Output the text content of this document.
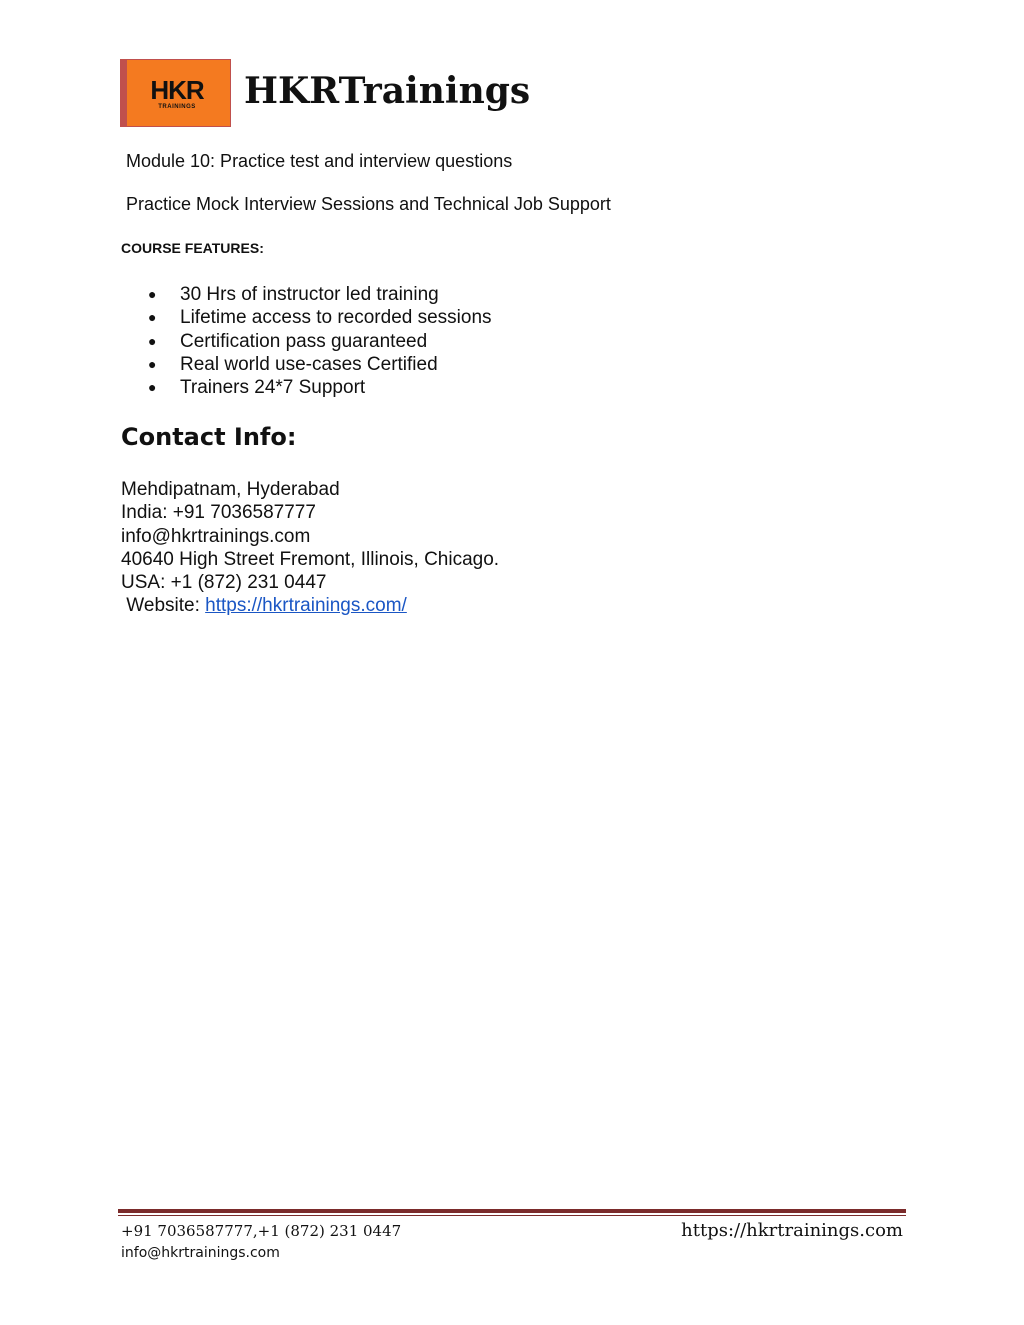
HKR
TRAININGS HKRTrainings
Module 10: Practice test and interview questions
Practice Mock Interview Sessions and Technical Job Support
COURSE FEATURES:
● 30 Hrs of instructor led training
● Lifetime access to recorded sessions
● Certification pass guaranteed
● Real world use-cases Certified
● Trainers 24*7 Support
Contact Info:
Mehdipatnam, Hyderabad
India: +91 7036587777
info@hkrtrainings.com
40640 High Street Fremont, Illinois, Chicago.
USA: +1 (872) 231 0447
Website: https://hkrtrainings.com/
+91 7036587777,+1 (872) 231 0447	https://hkrtrainings.com
info@hkrtrainings.com
